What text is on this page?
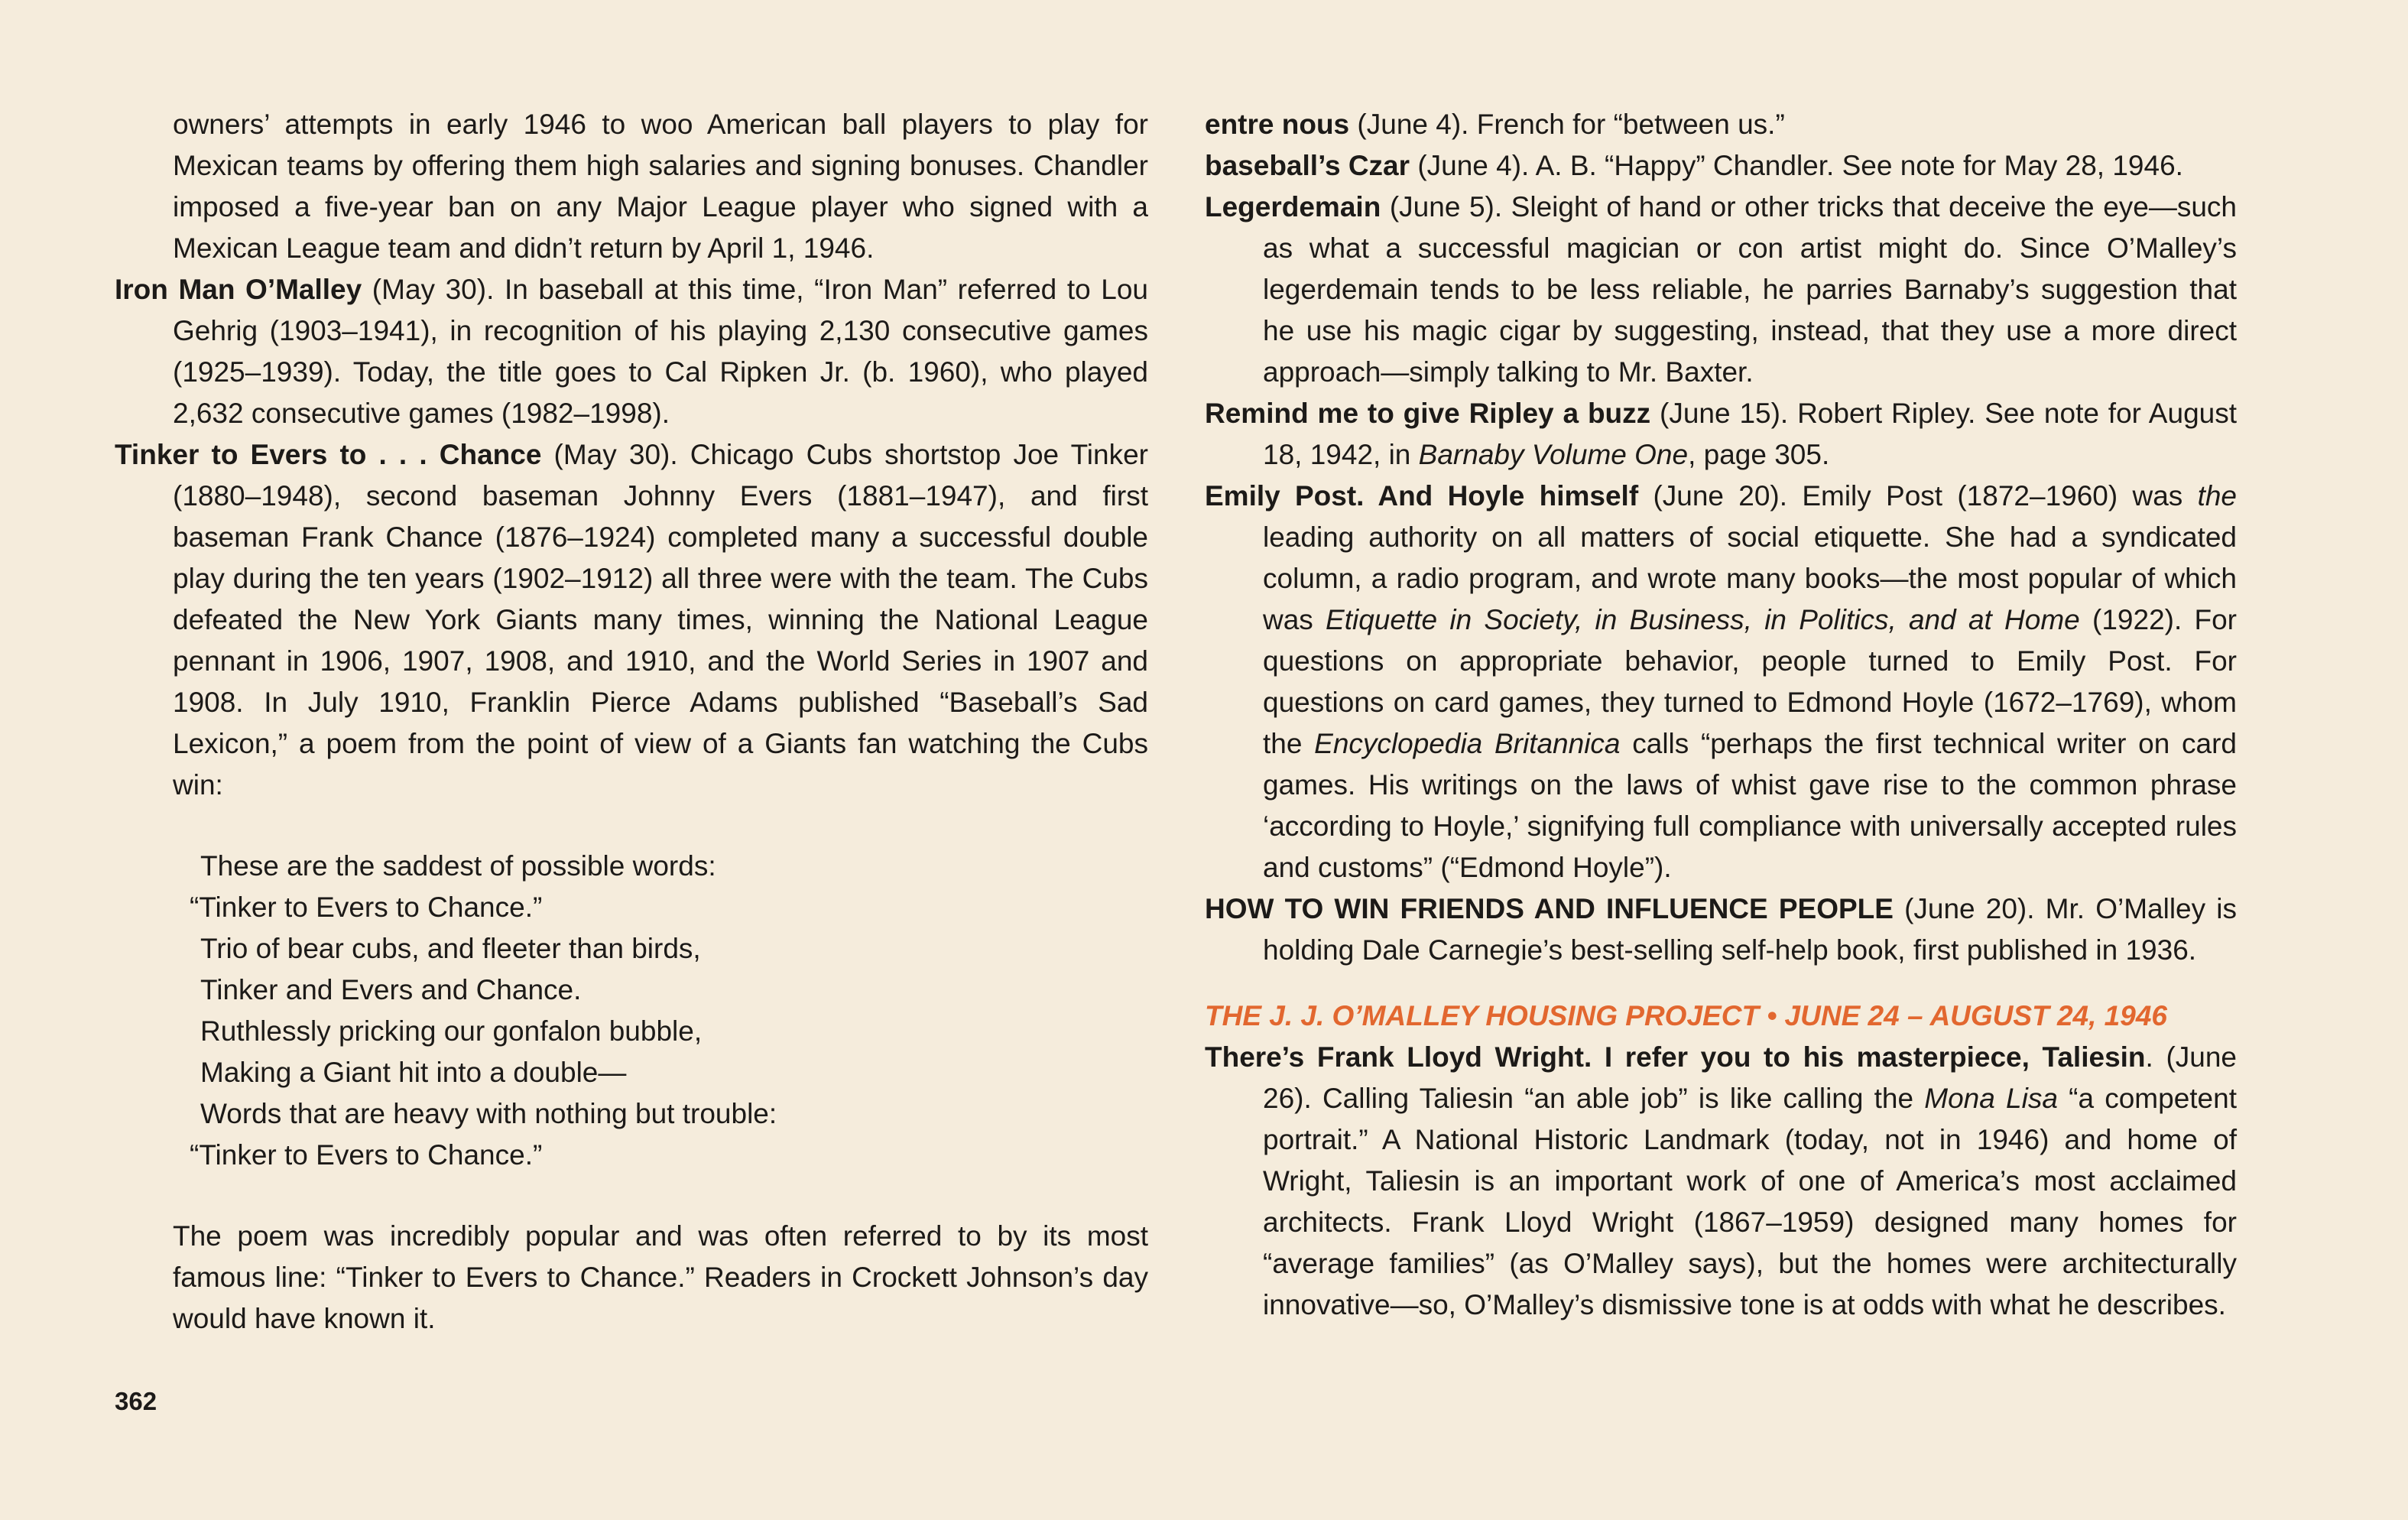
owners’ attempts in early 1946 to woo American ball players to play for Mexican teams by offering them high salaries and signing bonuses. Chandler imposed a five-year ban on any Major League player who signed with a Mexican League team and didn’t return by April 1, 1946.

Iron Man O’Malley (May 30). In baseball at this time, “Iron Man” referred to Lou Gehrig (1903–1941), in recognition of his playing 2,130 consecutive games (1925–1939). Today, the title goes to Cal Ripken Jr. (b. 1960), who played 2,632 consecutive games (1982–1998).

Tinker to Evers to . . . Chance (May 30). Chicago Cubs shortstop Joe Tinker (1880–1948), second baseman Johnny Evers (1881–1947), and first baseman Frank Chance (1876–1924) completed many a successful double play during the ten years (1902–1912) all three were with the team. The Cubs defeated the New York Giants many times, winning the National League pennant in 1906, 1907, 1908, and 1910, and the World Series in 1907 and 1908. In July 1910, Franklin Pierce Adams published “Baseball’s Sad Lexicon,” a poem from the point of view of a Giants fan watching the Cubs win:

These are the saddest of possible words:
“Tinker to Evers to Chance.”
Trio of bear cubs, and fleeter than birds,
Tinker and Evers and Chance.
Ruthlessly pricking our gonfalon bubble,
Making a Giant hit into a double—
Words that are heavy with nothing but trouble:
“Tinker to Evers to Chance.”

The poem was incredibly popular and was often referred to by its most famous line: “Tinker to Evers to Chance.” Readers in Crockett Johnson’s day would have known it.

entre nous (June 4). French for “between us.”

baseball’s Czar (June 4). A. B. “Happy” Chandler. See note for May 28, 1946.

Legerdemain (June 5). Sleight of hand or other tricks that deceive the eye—such as what a successful magician or con artist might do. Since O’Malley’s legerdemain tends to be less reliable, he parries Barnaby’s suggestion that he use his magic cigar by suggesting, instead, that they use a more direct approach—simply talking to Mr. Baxter.

Remind me to give Ripley a buzz (June 15). Robert Ripley. See note for August 18, 1942, in Barnaby Volume One, page 305.

Emily Post. And Hoyle himself (June 20). Emily Post (1872–1960) was the leading authority on all matters of social etiquette. She had a syndicated column, a radio program, and wrote many books—the most popular of which was Etiquette in Society, in Business, in Politics, and at Home (1922). For questions on appropriate behavior, people turned to Emily Post. For questions on card games, they turned to Edmond Hoyle (1672–1769), whom the Encyclopedia Britannica calls “perhaps the first technical writer on card games. His writings on the laws of whist gave rise to the common phrase ‘according to Hoyle,’ signifying full compliance with universally accepted rules and customs” (“Edmond Hoyle”).

HOW TO WIN FRIENDS AND INFLUENCE PEOPLE (June 20). Mr. O’Malley is holding Dale Carnegie’s best-selling self-help book, first published in 1936.

THE J. J. O’MALLEY HOUSING PROJECT • JUNE 24 – AUGUST 24, 1946

There’s Frank Lloyd Wright. I refer you to his masterpiece, Taliesin. (June 26). Calling Taliesin “an able job” is like calling the Mona Lisa “a competent portrait.” A National Historic Landmark (today, not in 1946) and home of Wright, Taliesin is an important work of one of America’s most acclaimed architects. Frank Lloyd Wright (1867–1959) designed many homes for “average families” (as O’Malley says), but the homes were architecturally innovative—so, O’Malley’s dismissive tone is at odds with what he describes.

362
